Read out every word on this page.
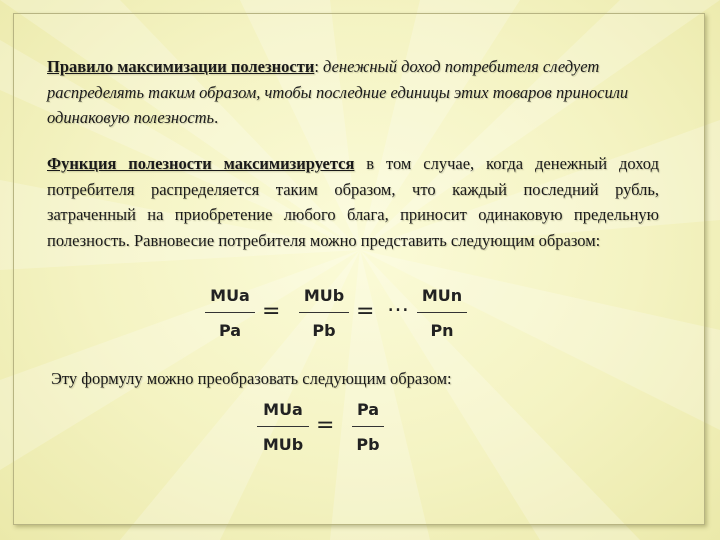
Правило максимизации полезности: денежный доход потребителя следует распределять таким образом, чтобы последние единицы этих товаров приносили одинаковую полезность.
Функция полезности максимизируется в том случае, когда денежный доход потребителя распределяется таким образом, что каждый последний рубль, затраченный на приобретение любого блага, приносит одинаковую предельную полезность. Равновесие потребителя можно представить следующим образом:
MUa
Pa
=
MUb
Pb
= … MUn
Pn
Эту формулу можно преобразовать следующим образом:
MUa
MUb
=
Pa
Pb
